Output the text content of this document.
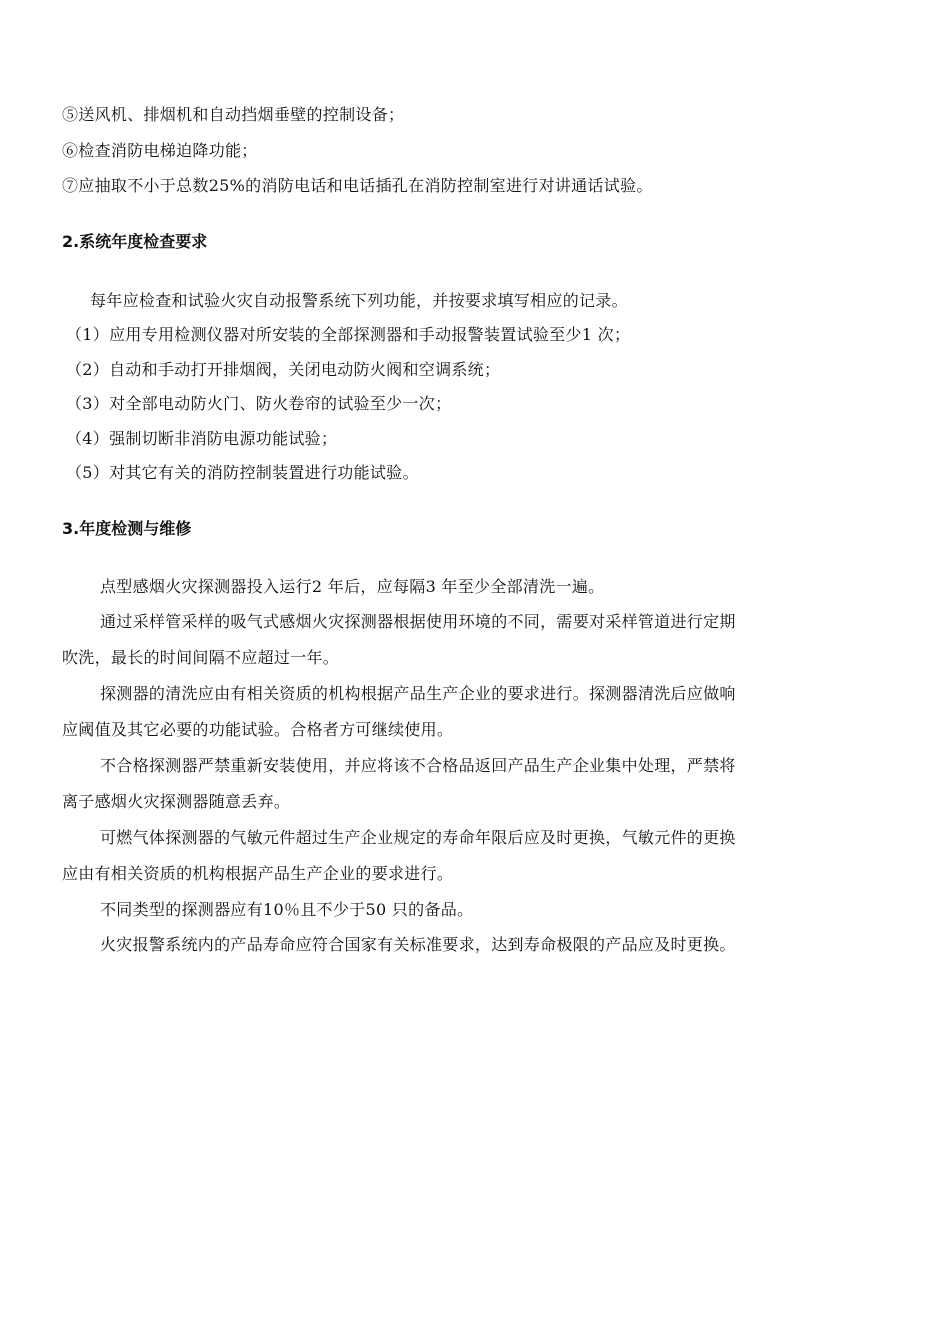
⑤送风机、排烟机和自动挡烟垂壁的控制设备；
⑥检查消防电梯迫降功能；
⑦应抽取不小于总数25%的消防电话和电话插孔在消防控制室进行对讲通话试验。
2.系统年度检查要求
每年应检查和试验火灾自动报警系统下列功能，并按要求填写相应的记录。
（1）应用专用检测仪器对所安装的全部探测器和手动报警装置试验至少1 次；
（2）自动和手动打开排烟阀，关闭电动防火阀和空调系统；
（3）对全部电动防火门、防火卷帘的试验至少一次；
（4）强制切断非消防电源功能试验；
（5）对其它有关的消防控制装置进行功能试验。
3.年度检测与维修
点型感烟火灾探测器投入运行2 年后，应每隔3 年至少全部清洗一遍。
通过采样管采样的吸气式感烟火灾探测器根据使用环境的不同，需要对采样管道进行定期
吹洗，最长的时间间隔不应超过一年。
探测器的清洗应由有相关资质的机构根据产品生产企业的要求进行。探测器清洗后应做响
应阈值及其它必要的功能试验。合格者方可继续使用。
不合格探测器严禁重新安装使用，并应将该不合格品返回产品生产企业集中处理，严禁将
离子感烟火灾探测器随意丢弃。
可燃气体探测器的气敏元件超过生产企业规定的寿命年限后应及时更换，气敏元件的更换
应由有相关资质的机构根据产品生产企业的要求进行。
不同类型的探测器应有10％且不少于50 只的备品。
火灾报警系统内的产品寿命应符合国家有关标准要求，达到寿命极限的产品应及时更换。
